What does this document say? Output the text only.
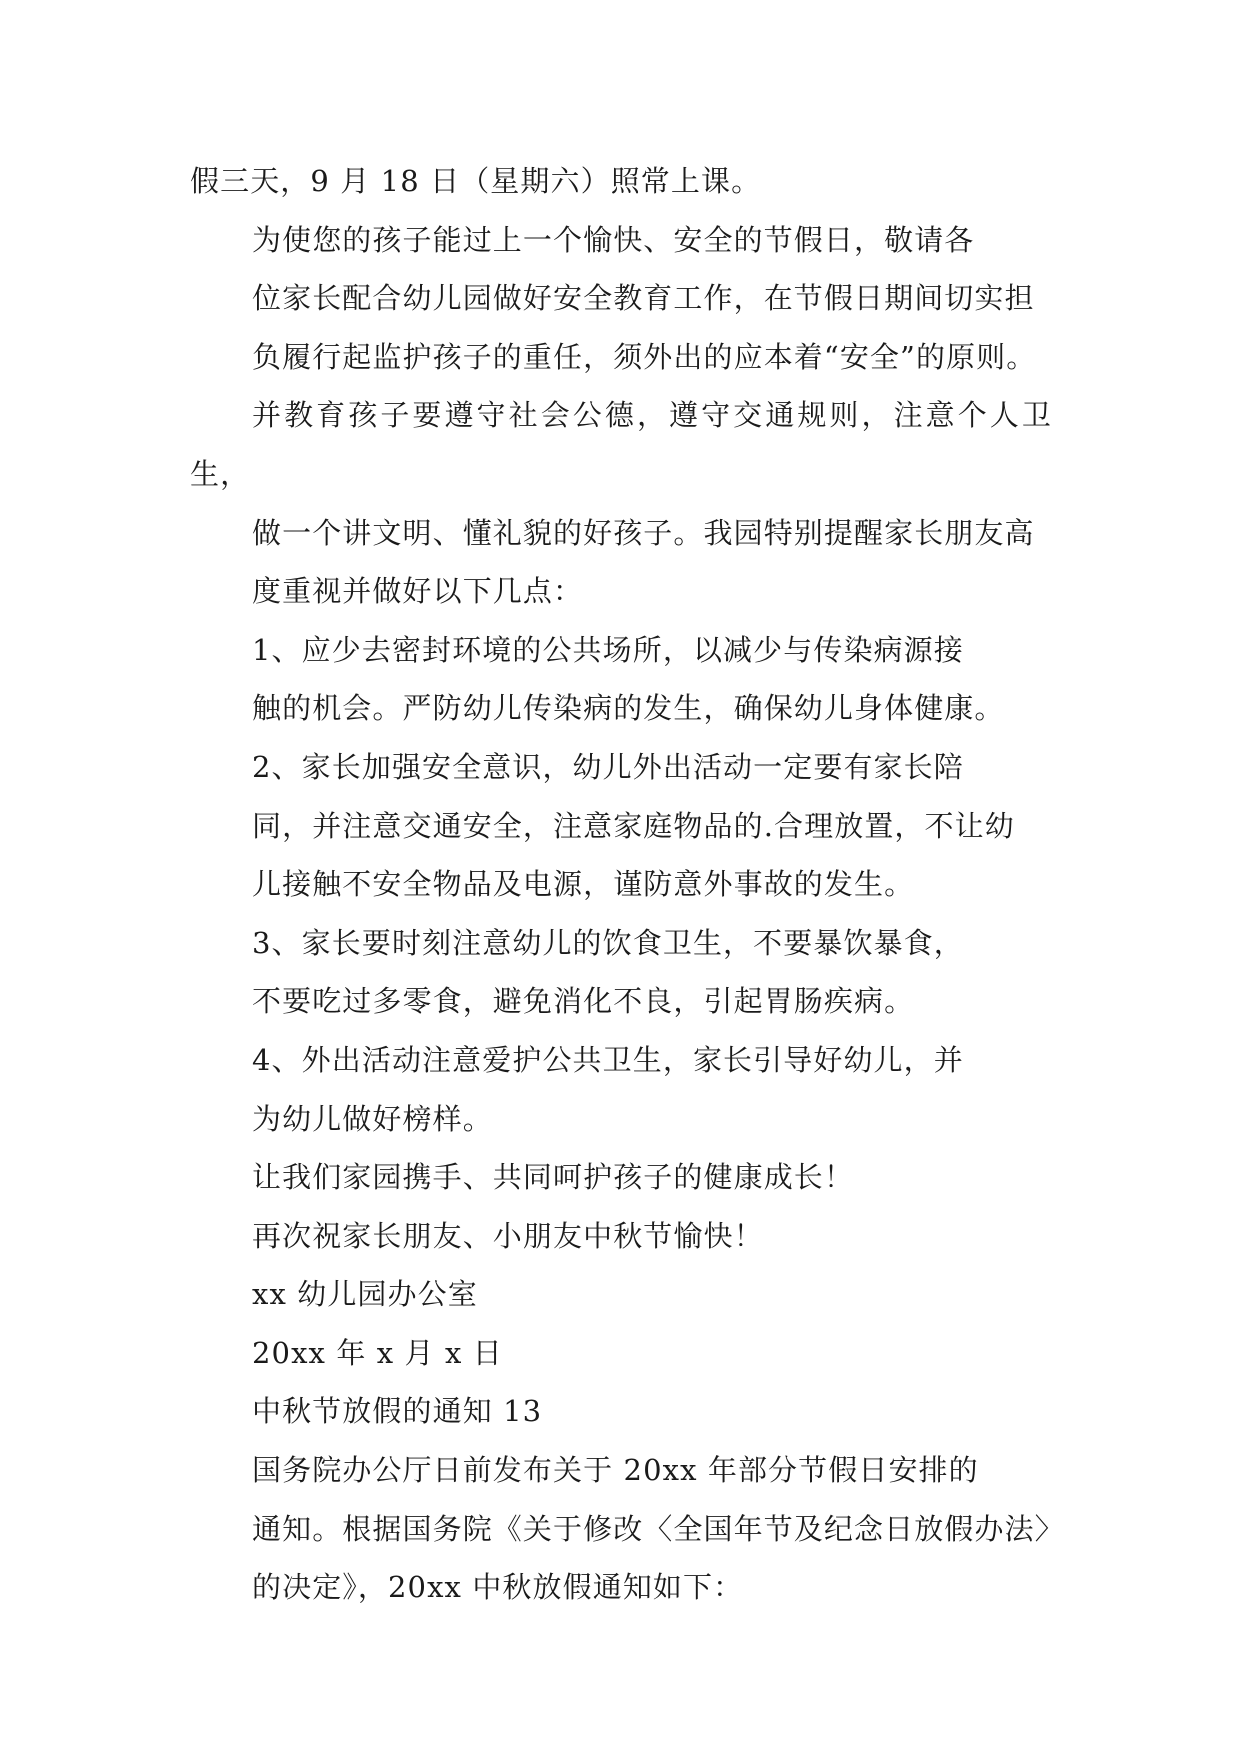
假三天，9 月 18 日（星期六）照常上课。

为使您的孩子能过上一个愉快、安全的节假日，敬请各
位家长配合幼儿园做好安全教育工作，在节假日期间切实担
负履行起监护孩子的重任，须外出的应本着“安全”的原则。
并教育孩子要遵守社会公德，遵守交通规则，注意个人卫生，
做一个讲文明、懂礼貌的好孩子。我园特别提醒家长朋友高
度重视并做好以下几点：

1、应少去密封环境的公共场所，以减少与传染病源接
触的机会。严防幼儿传染病的发生，确保幼儿身体健康。

2、家长加强安全意识，幼儿外出活动一定要有家长陪
同，并注意交通安全，注意家庭物品的.合理放置，不让幼
儿接触不安全物品及电源，谨防意外事故的发生。

3、家长要时刻注意幼儿的饮食卫生，不要暴饮暴食，
不要吃过多零食，避免消化不良，引起胃肠疾病。

4、外出活动注意爱护公共卫生，家长引导好幼儿，并
为幼儿做好榜样。

让我们家园携手、共同呵护孩子的健康成长！

再次祝家长朋友、小朋友中秋节愉快！

xx 幼儿园办公室

20xx 年 x 月 x 日

中秋节放假的通知 13

国务院办公厅日前发布关于 20xx 年部分节假日安排的
通知。根据国务院《关于修改〈全国年节及纪念日放假办法〉
的决定》，20xx 中秋放假通知如下：
